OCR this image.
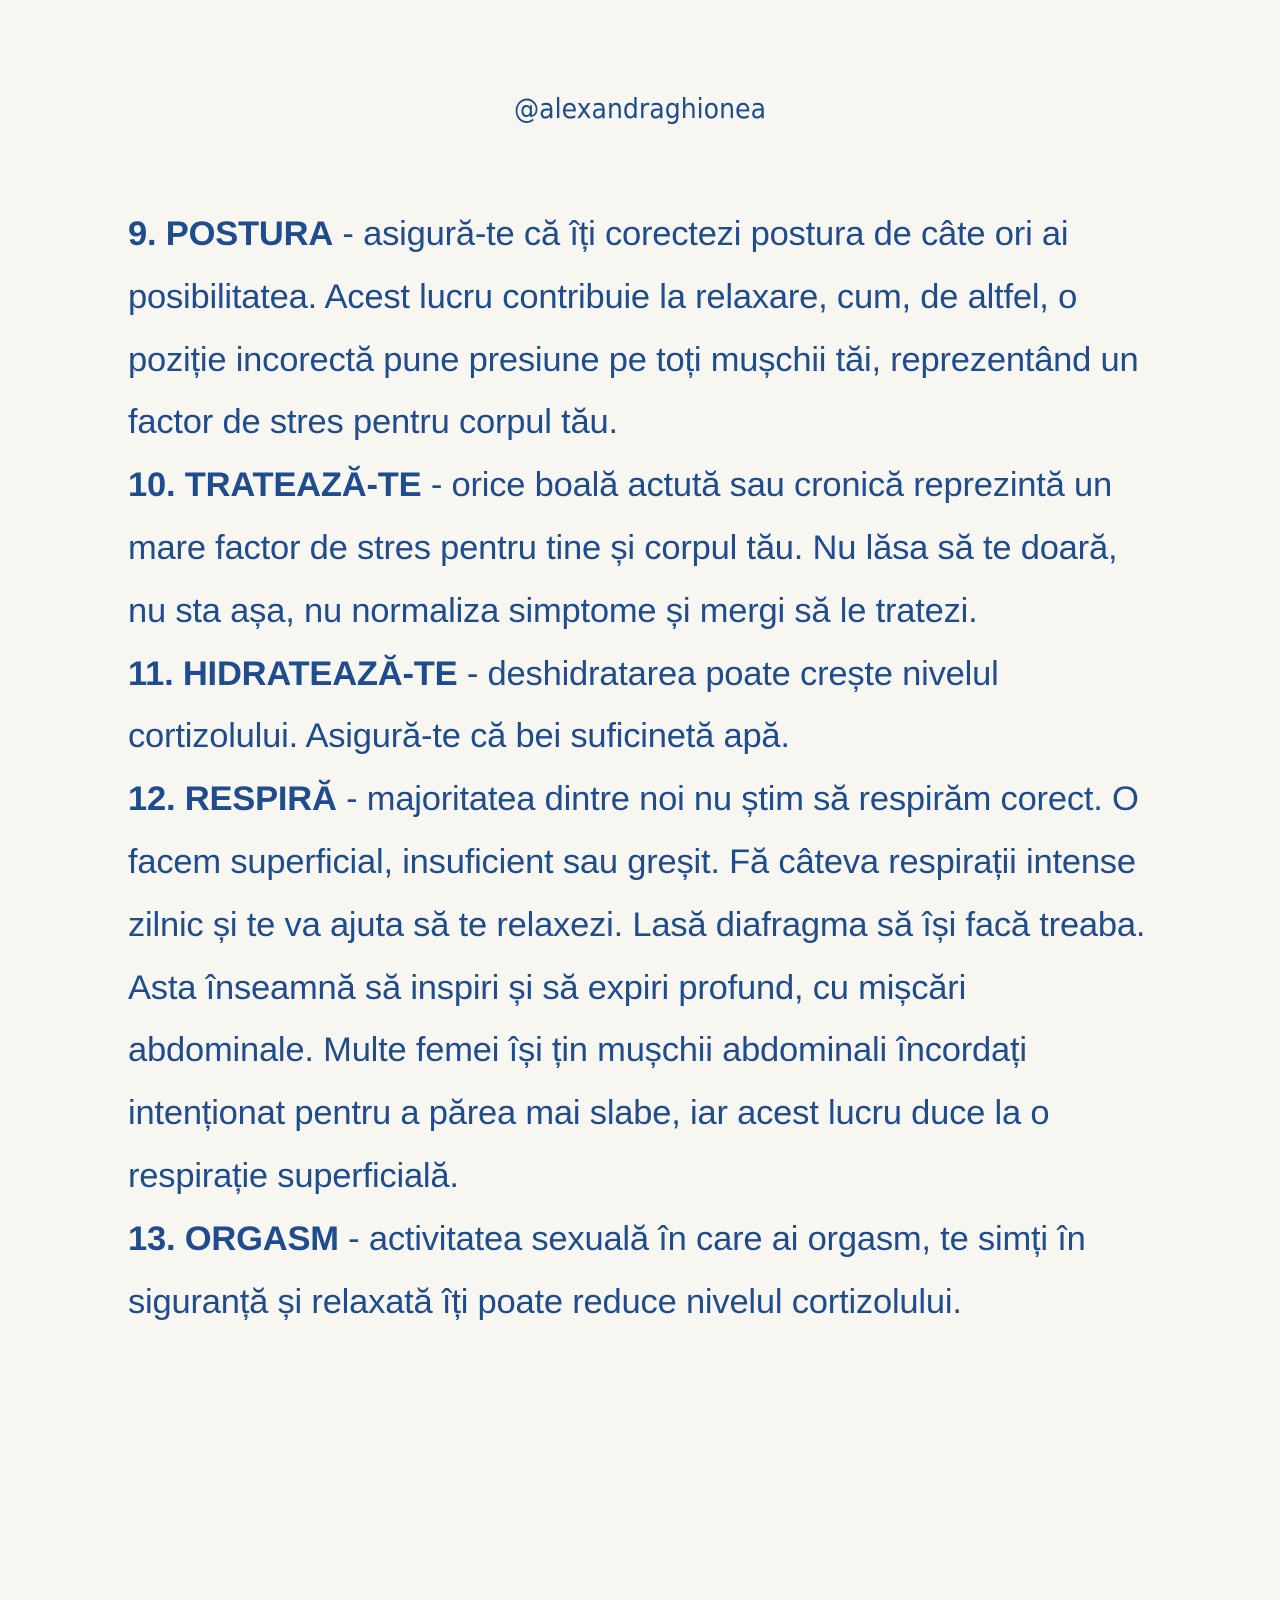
@alexandraghionea

9. POSTURA - asigură-te că îți corectezi postura de câte ori ai posibilitatea. Acest lucru contribuie la relaxare, cum, de altfel, o poziție incorectă pune presiune pe toți mușchii tăi, reprezentând un factor de stres pentru corpul tău.

10. TRATEAZĂ-TE - orice boală actută sau cronică reprezintă un mare factor de stres pentru tine și corpul tău. Nu lăsa să te doară, nu sta așa, nu normaliza simptome și mergi să le tratezi.

11. HIDRATEAZĂ-TE - deshidratarea poate crește nivelul cortizolului. Asigură-te că bei suficinetă apă.

12. RESPIRĂ - majoritatea dintre noi nu știm să respirăm corect. O facem superficial, insuficient sau greșit. Fă câteva respirații intense zilnic și te va ajuta să te relaxezi. Lasă diafragma să își facă treaba. Asta înseamnă să inspiri și să expiri profund, cu mișcări abdominale. Multe femei își țin mușchii abdominali încordați intenționat pentru a părea mai slabe, iar acest lucru duce la o respirație superficială.

13. ORGASM - activitatea sexuală în care ai orgasm, te simți în siguranță și relaxată îți poate reduce nivelul cortizolului.
